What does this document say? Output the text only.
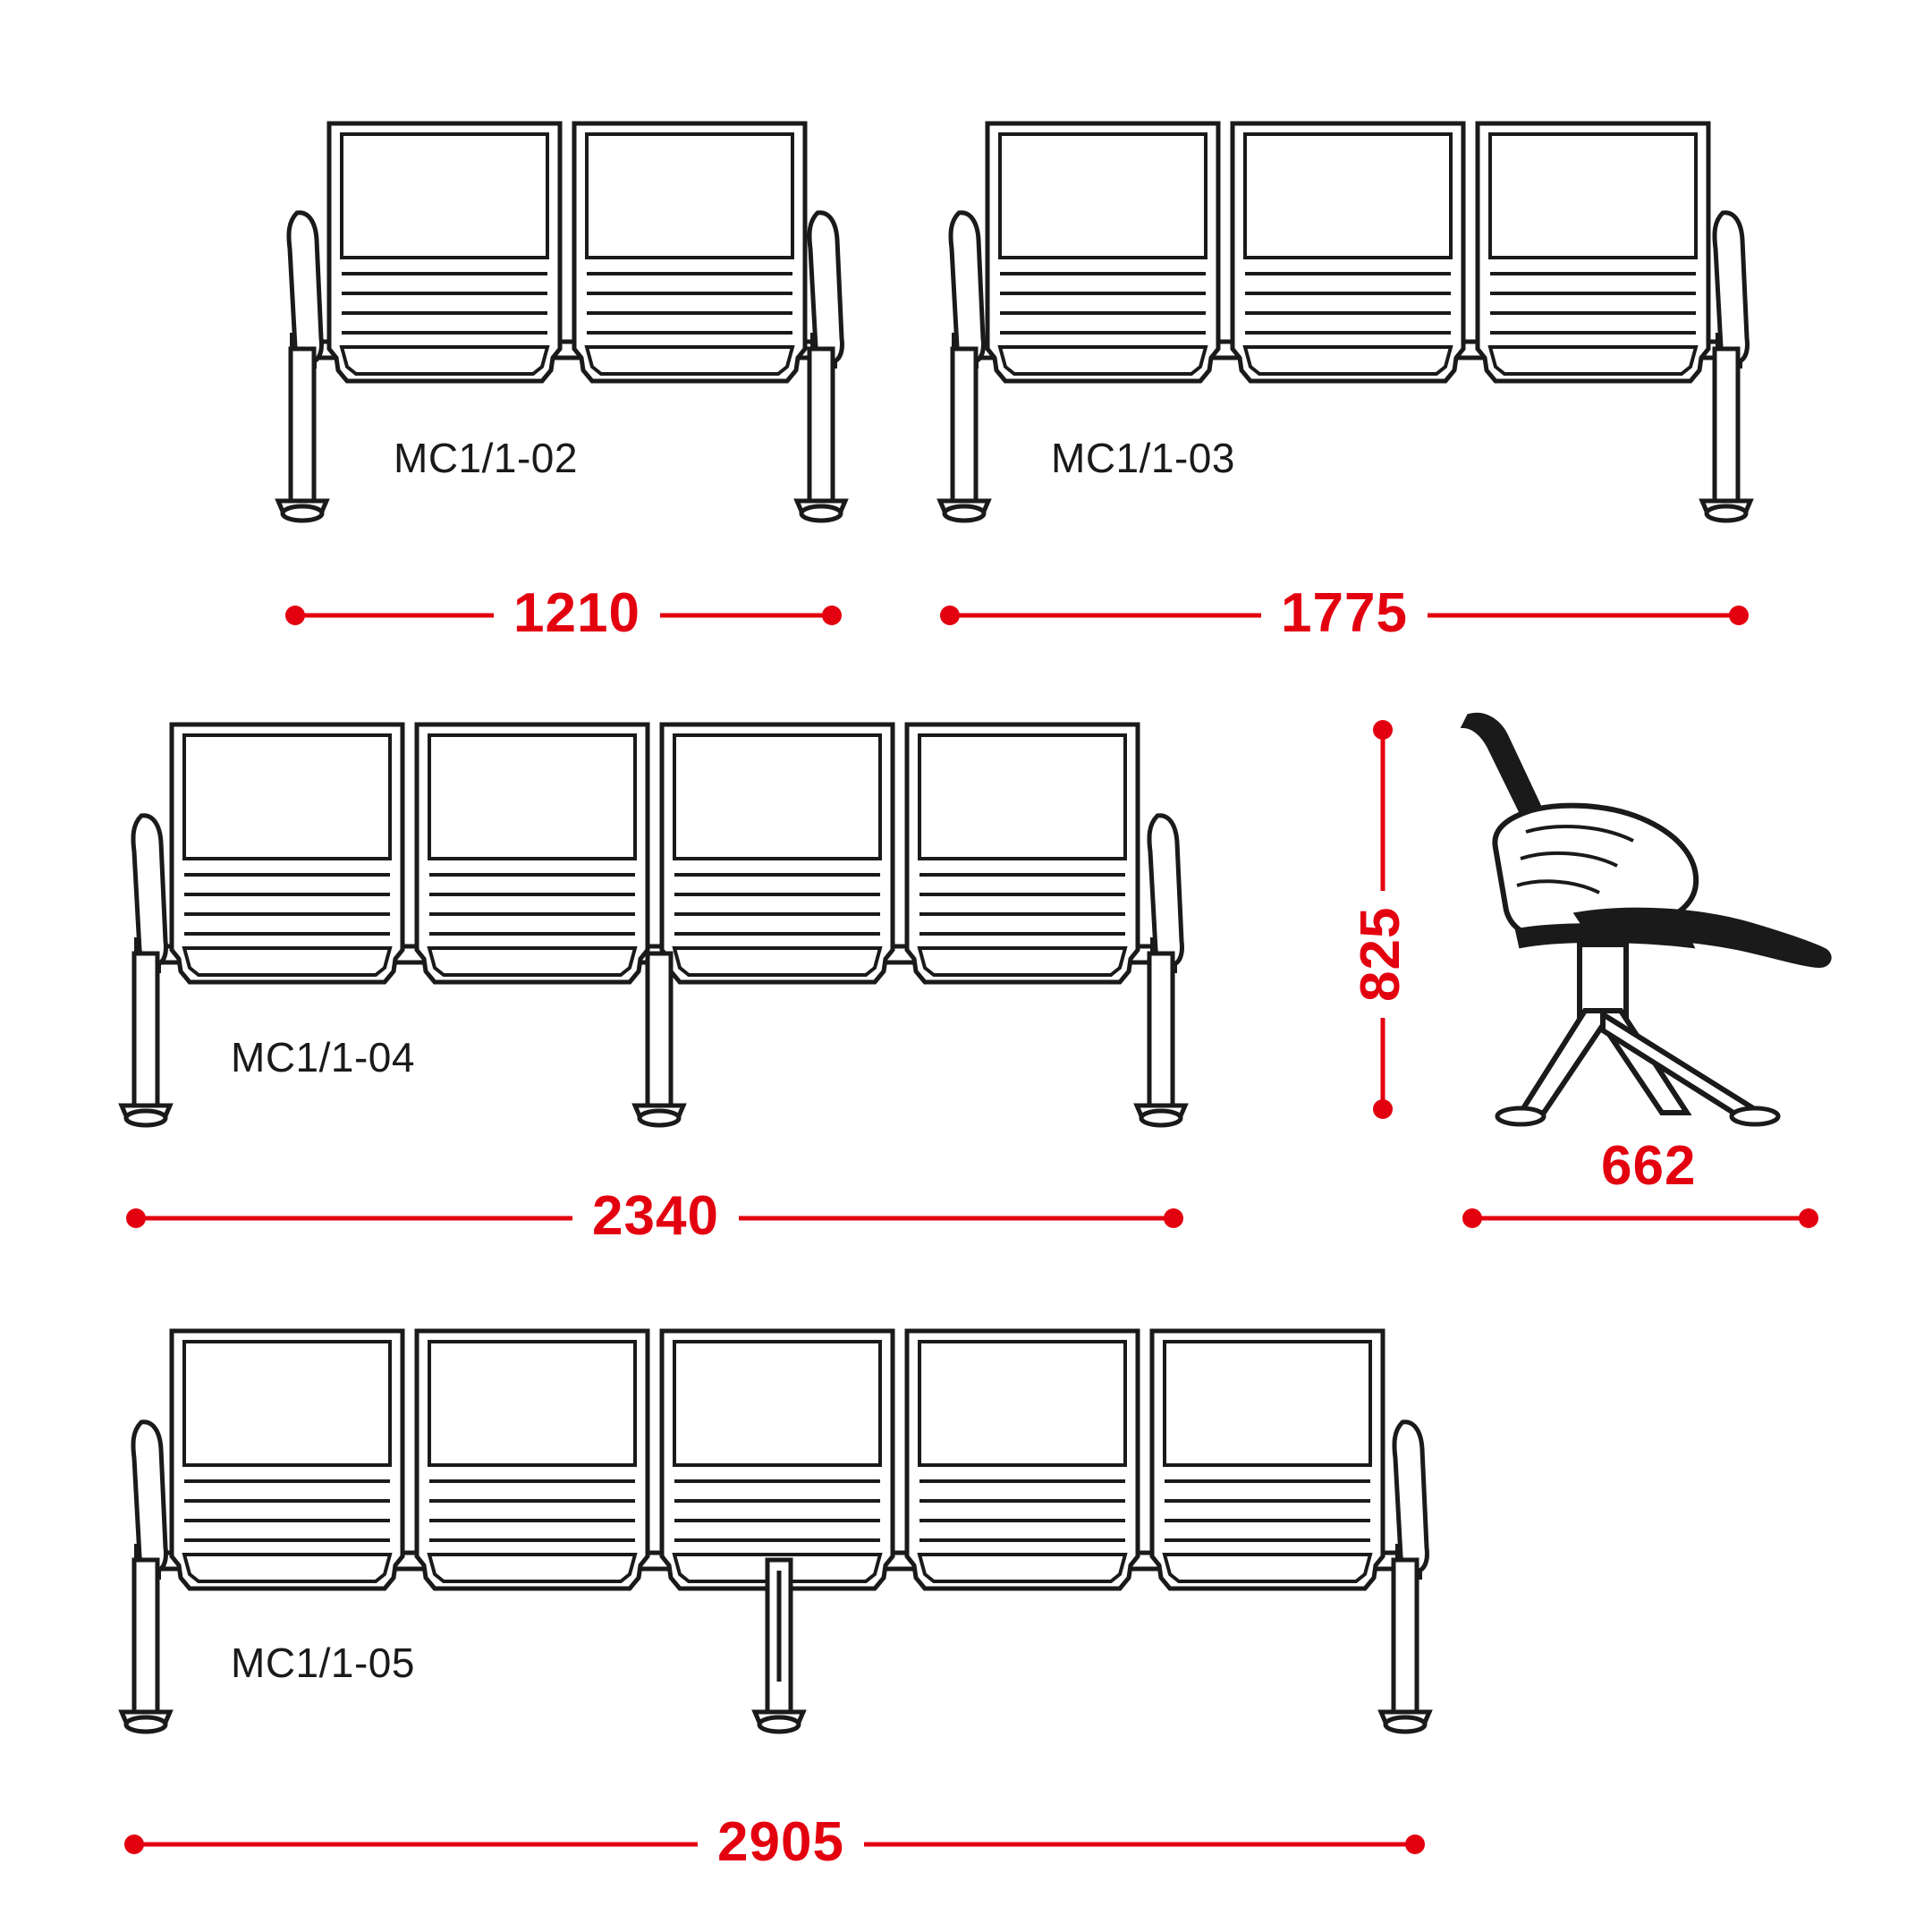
MC1/1-02	MC1/1-03
MC1/1-04
MC1/1-05
1210	1775
2340
2905
825
662
